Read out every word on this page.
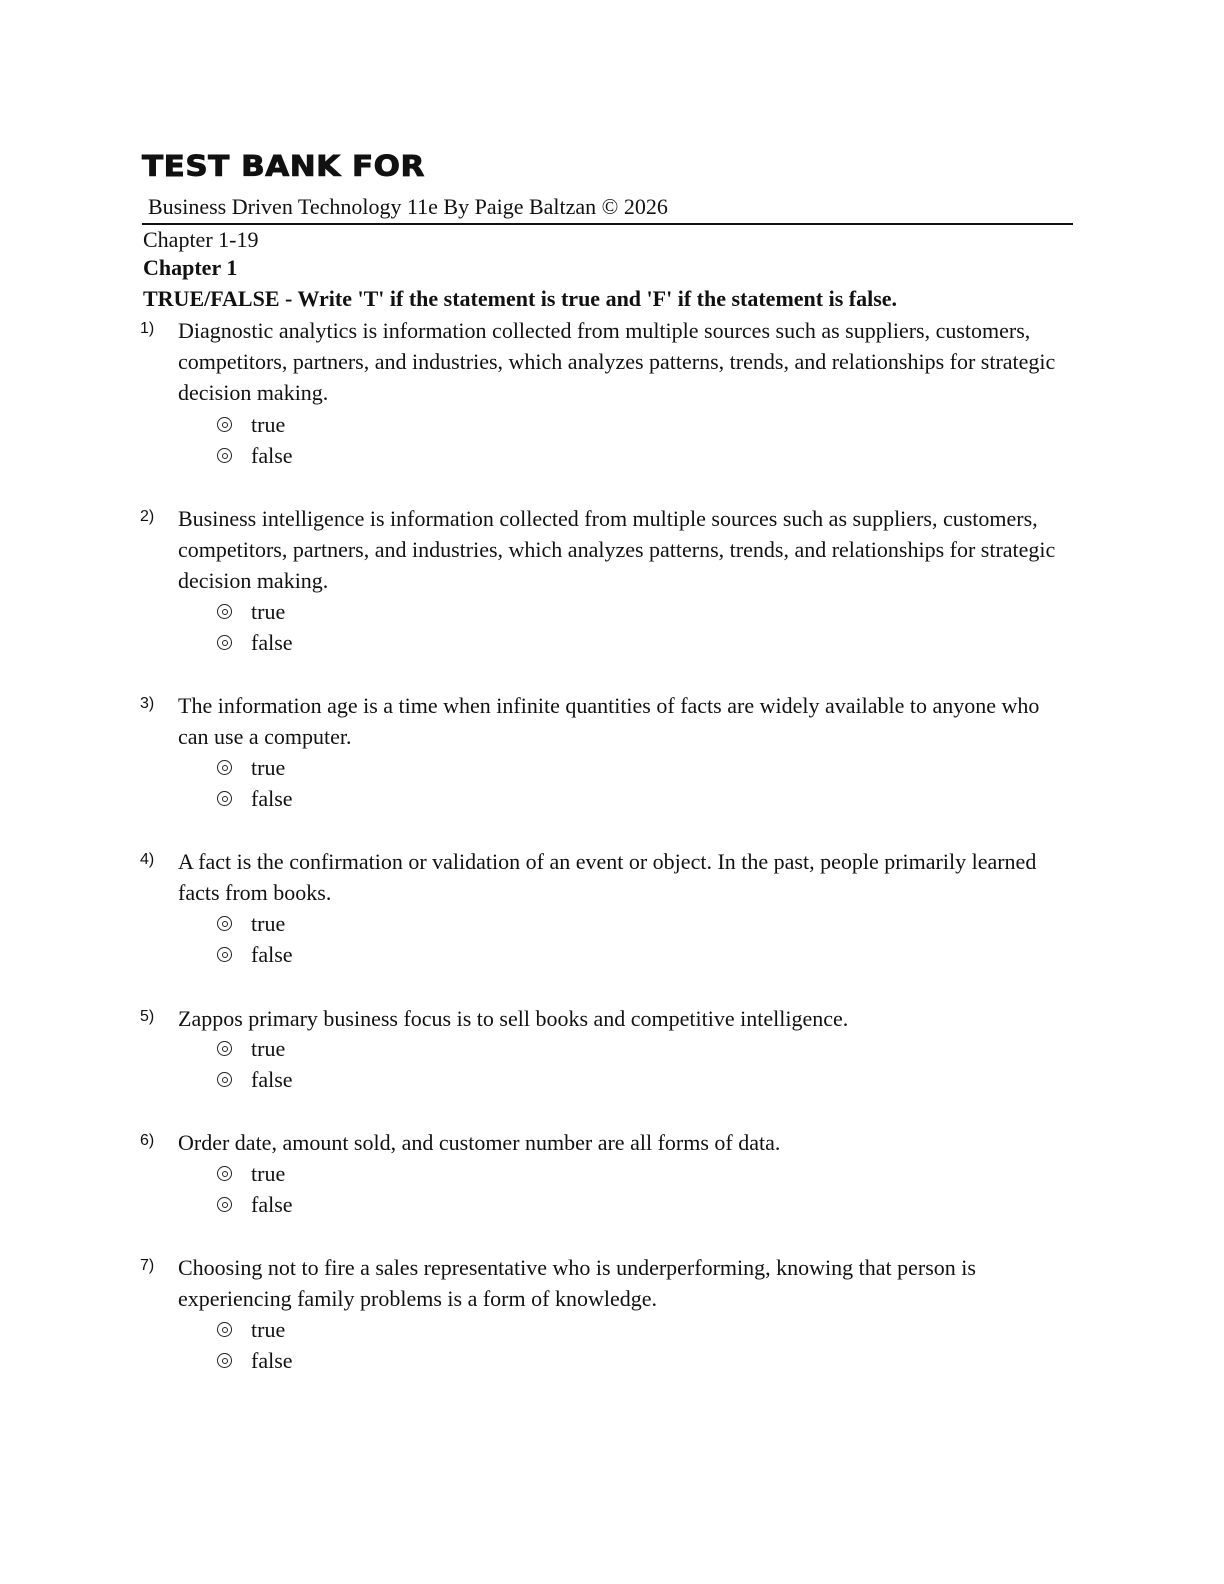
TEST BANK FOR
Business Driven Technology 11e By Paige Baltzan © 2026
Chapter 1-19
Chapter 1
TRUE/FALSE - Write 'T' if the statement is true and 'F' if the statement is false.
1) Diagnostic analytics is information collected from multiple sources such as suppliers, customers, competitors, partners, and industries, which analyzes patterns, trends, and relationships for strategic decision making.
true
false
2) Business intelligence is information collected from multiple sources such as suppliers, customers, competitors, partners, and industries, which analyzes patterns, trends, and relationships for strategic decision making.
true
false
3) The information age is a time when infinite quantities of facts are widely available to anyone who can use a computer.
true
false
4) A fact is the confirmation or validation of an event or object. In the past, people primarily learned facts from books.
true
false
5) Zappos primary business focus is to sell books and competitive intelligence.
true
false
6) Order date, amount sold, and customer number are all forms of data.
true
false
7) Choosing not to fire a sales representative who is underperforming, knowing that person is experiencing family problems is a form of knowledge.
true
false
